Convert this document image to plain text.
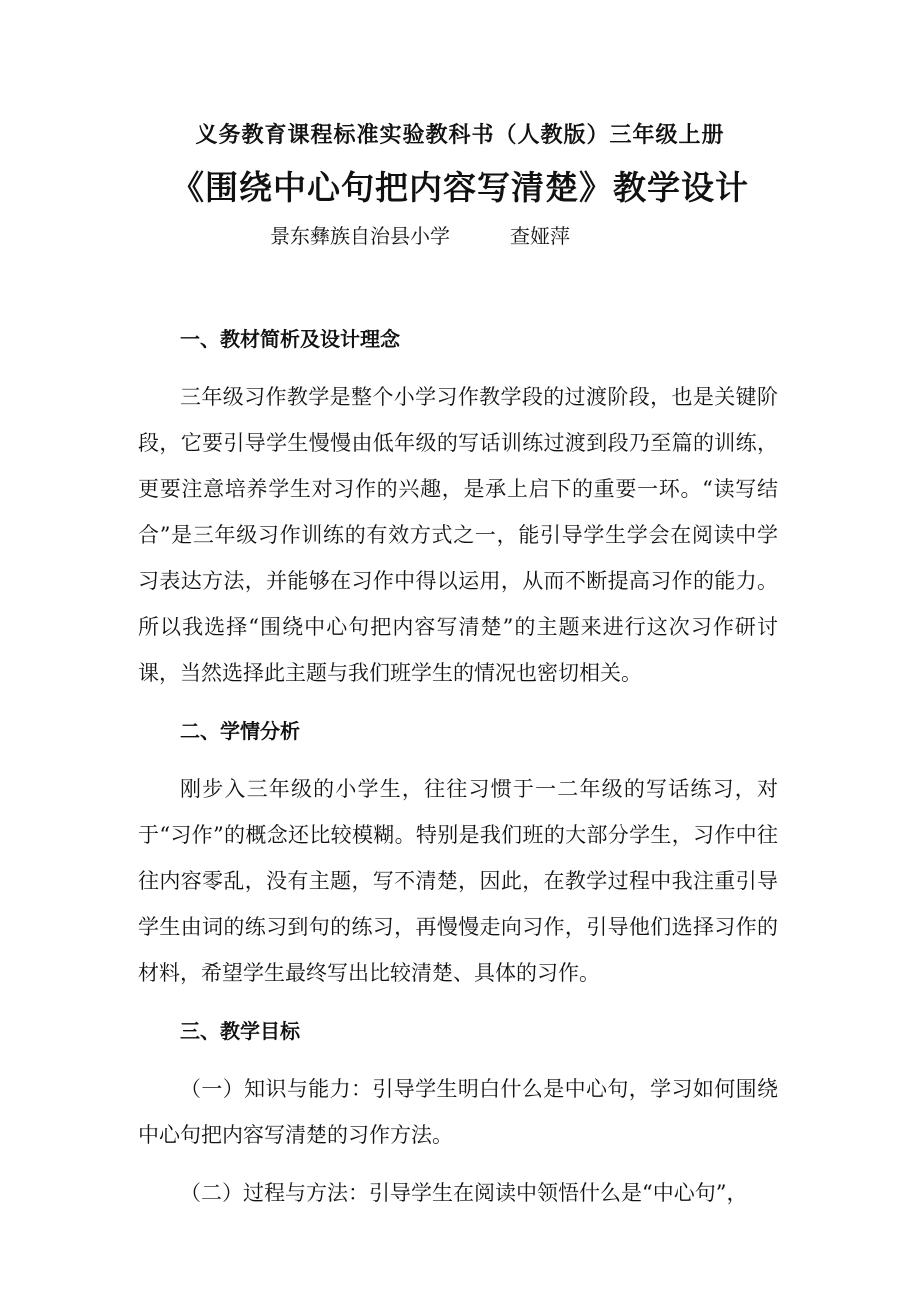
义务教育课程标准实验教科书（人教版）三年级上册
《围绕中心句把内容写清楚》教学设计
景东彝族自治县小学　　　查娅萍
一、教材简析及设计理念
三年级习作教学是整个小学习作教学段的过渡阶段，也是关键阶段，它要引导学生慢慢由低年级的写话训练过渡到段乃至篇的训练，更要注意培养学生对习作的兴趣，是承上启下的重要一环。“读写结合”是三年级习作训练的有效方式之一，能引导学生学会在阅读中学习表达方法，并能够在习作中得以运用，从而不断提高习作的能力。所以我选择“围绕中心句把内容写清楚”的主题来进行这次习作研讨课，当然选择此主题与我们班学生的情况也密切相关。
二、学情分析
刚步入三年级的小学生，往往习惯于一二年级的写话练习，对于“习作”的概念还比较模糊。特别是我们班的大部分学生，习作中往往内容零乱，没有主题，写不清楚，因此，在教学过程中我注重引导学生由词的练习到句的练习，再慢慢走向习作，引导他们选择习作的材料，希望学生最终写出比较清楚、具体的习作。
三、教学目标
（一）知识与能力：引导学生明白什么是中心句，学习如何围绕中心句把内容写清楚的习作方法。
（二）过程与方法：引导学生在阅读中领悟什么是“中心句”，
